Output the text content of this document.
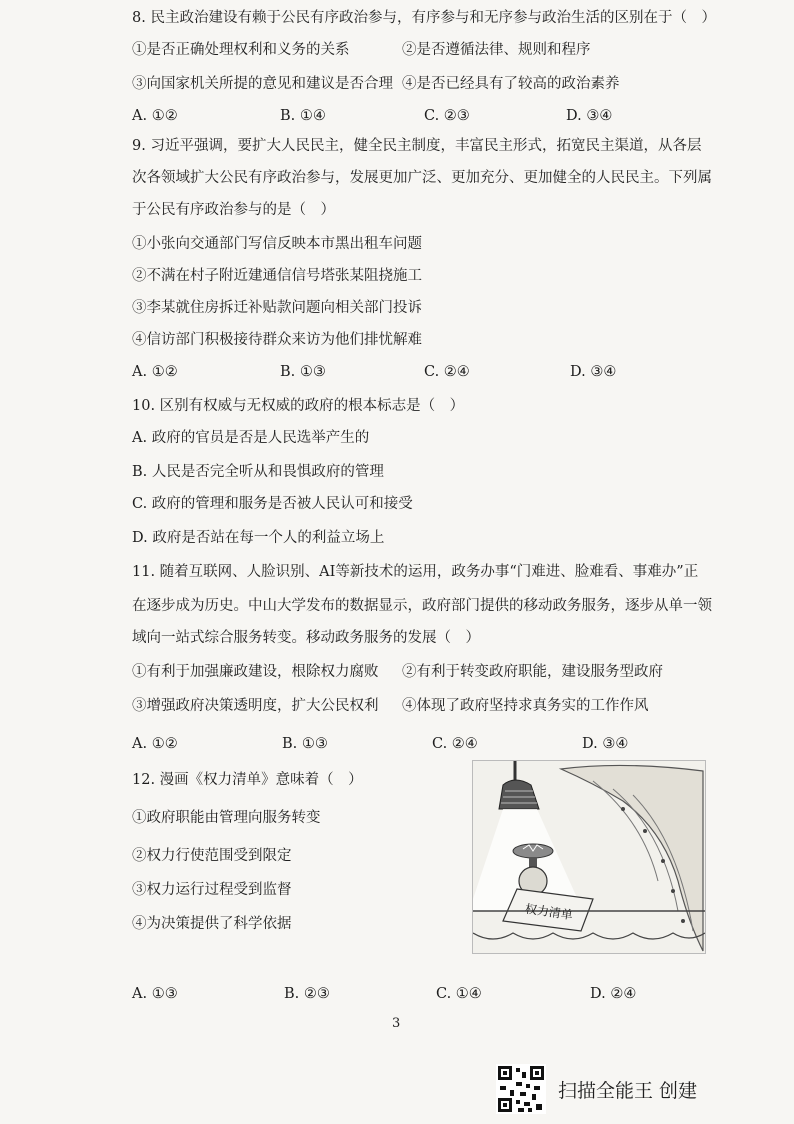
8. 民主政治建设有赖于公民有序政治参与，有序参与和无序参与政治生活的区别在于（　）
①是否正确处理权利和义务的关系	②是否遵循法律、规则和程序
③向国家机关所提的意见和建议是否合理 ④是否已经具有了较高的政治素养
A. ①②	B. ①④	C. ②③	D. ③④
9. 习近平强调，要扩大人民民主，健全民主制度，丰富民主形式，拓宽民主渠道，从各层
次各领域扩大公民有序政治参与，发展更加广泛、更加充分、更加健全的人民民主。下列属
于公民有序政治参与的是（　）
①小张向交通部门写信反映本市黑出租车问题
②不满在村子附近建通信信号塔张某阻挠施工
③李某就住房拆迁补贴款问题向相关部门投诉
④信访部门积极接待群众来访为他们排忧解难
A. ①②	B. ①③	C. ②④	D. ③④
10. 区别有权威与无权威的政府的根本标志是（　）
A. 政府的官员是否是人民选举产生的
B. 人民是否完全听从和畏惧政府的管理
C. 政府的管理和服务是否被人民认可和接受
D. 政府是否站在每一个人的利益立场上
11. 随着互联网、人脸识别、AI等新技术的运用，政务办事“门难进、脸难看、事难办”正
在逐步成为历史。中山大学发布的数据显示，政府部门提供的移动政务服务，逐步从单一领
域向一站式综合服务转变。移动政务服务的发展（　）
①有利于加强廉政建设，根除权力腐败 ②有利于转变政府职能，建设服务型政府
③增强政府决策透明度，扩大公民权利 ④体现了政府坚持求真务实的工作作风
A. ①②	B. ①③	C. ②④	D. ③④
12. 漫画《权力清单》意味着（　）
①政府职能由管理向服务转变
②权力行使范围受到限定
③权力运行过程受到监督
④为决策提供了科学依据
权力清单
A. ①③	B. ②③	C. ①④	D. ②④
3
扫描全能王 创建
